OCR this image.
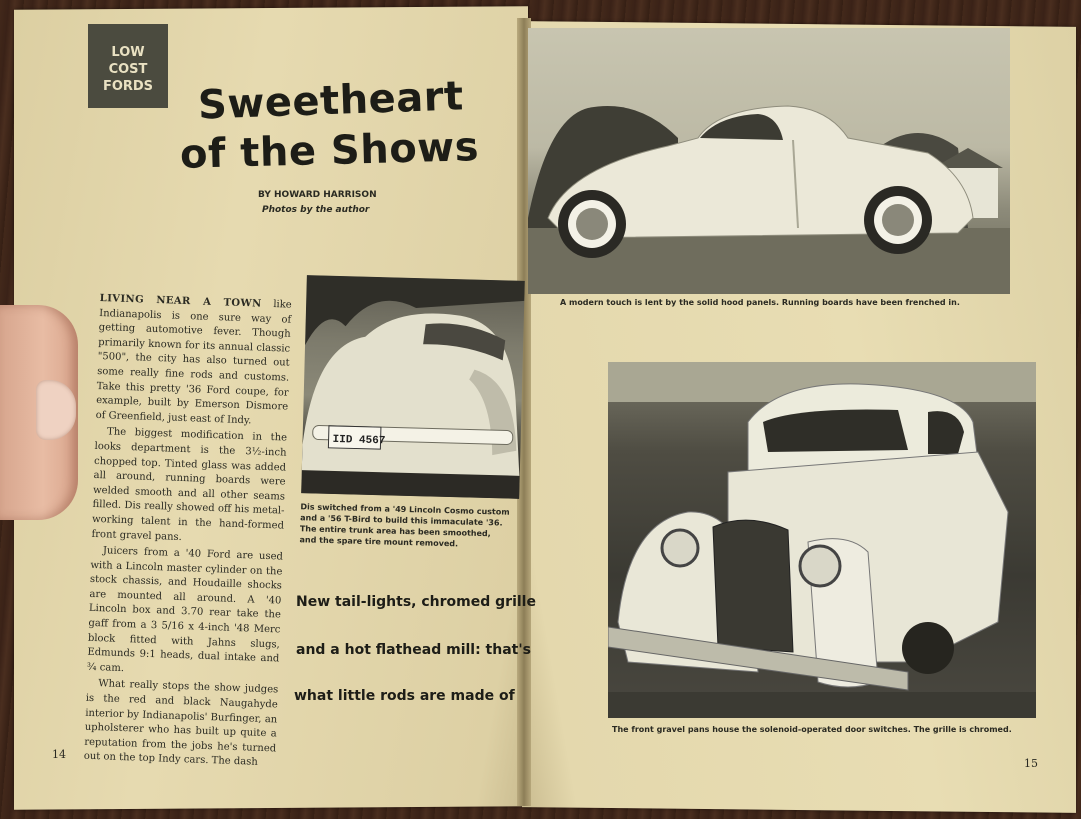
LOW
COST
FORDS	Sweetheart
of the Shows
BY HOWARD HARRISON
Photos by the author

LIVING NEAR A TOWN like Indianapolis is one sure way of getting automotive fever. Though primarily known for its annual classic "500", the city has also turned out some really fine rods and customs. Take this pretty '36 Ford coupe, for example, built by Emerson Dismore of Greenfield, just east of Indy.

The biggest modification in the looks department is the 3½-inch chopped top. Tinted glass was added all around, running boards were welded smooth and all other seams filled. Dis really showed off his metal-working talent in the hand-formed front gravel pans.

Juicers from a '40 Ford are used with a Lincoln master cylinder on the stock chassis, and Houdaille shocks are mounted all around. A '40 Lincoln box and 3.70 rear take the gaff from a 3 5/16 x 4-inch '48 Merc block fitted with Jahns slugs, Edmunds 9:1 heads, dual intake and ¾ cam.

What really stops the show judges is the red and black Naugahyde interior by Indianapolis' Burfinger, an upholsterer who has built up quite a reputation from the jobs he's turned out on the top Indy cars. The dash

IID 4567
Dis switched from a '49 Lincoln Cosmo custom and a '56 T-Bird to build this immaculate '36. The entire trunk area has been smoothed, and the spare tire mount removed.
New tail-lights, chromed grille
and a hot flathead mill: that's
what little rods are made of
A modern touch is lent by the solid hood panels. Running boards have been frenched in.
The front gravel pans house the solenoid-operated door switches. The grille is chromed.
14
15
